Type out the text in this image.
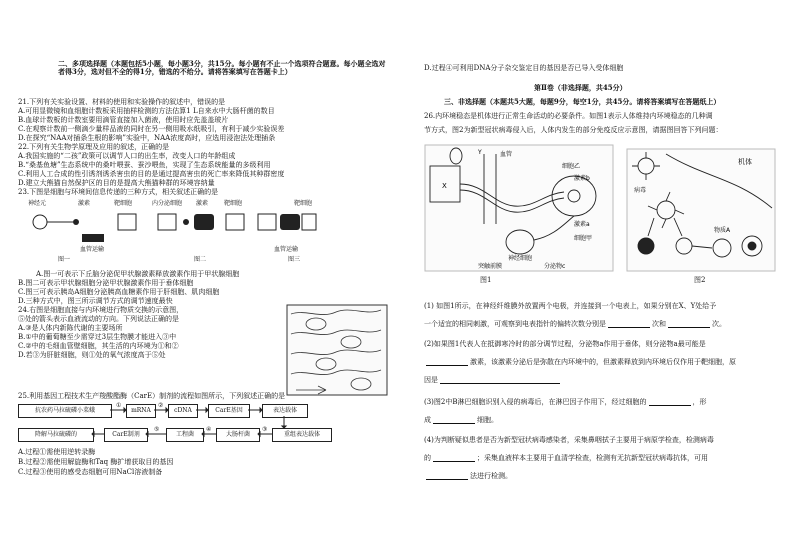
二、多项选择题（本题包括5小题，每小题3分，共15分。每小题有不止一个选项符合题意。每小题全选对者得3分，选对但不全的得1分，错选的不给分。请将答案填写在答题卡上）
21.下列有关实验设置、材料的使用和实验操作的叙述中，错误的是
A.可用显微镜和血细胞计数板采用抽样检测的方法估算1 L自来水中大肠杆菌的数目
B.血球计数板的计数室要用滴管直接加入菌液，使用时应先盖盖玻片
C.在观察计数前一侧滴少量样品液的同时在另一侧用吸水纸吸引，有利于减少实验误差
D.在探究“NAA对插条生根的影响”实验中，NAA浓度高时，应选用浸泡法处理插条
22.下列有关生物学原理及应用的叙述，正确的是
A.我国实施的“二孩”政策可以调节人口的出生率，改变人口的年龄组成
B.“桑基鱼塘”生态系统中的桑叶喂蚕、蚕沙喂鱼，实现了生态系统能量的多级利用
C.利用人工合成的性引诱剂诱杀害虫的目的是通过提高害虫的死亡率来降低其种群密度
D.建立大熊猫自然保护区的目的是提高大熊猫种群的环境容纳量
23.下图是细胞与环境间信息传递的三种方式，相关叙述正确的是
神经元	激素	靶细胞
血管运输
图一
内分泌细胞 激素	靶细胞
图二
血管运输
靶细胞
图三
A.图一可表示下丘脑分泌促甲状腺激素释放激素作用于甲状腺细胞
B.图二可表示甲状腺细胞分泌甲状腺激素作用于垂体细胞
C.图三可表示胰岛A细胞分泌胰高血糖素作用于肝细胞、肌肉细胞
D.三种方式中，图三所示调节方式的调节速度最快
24.右图是细胞直接与内环境进行物质交换的示意图，
⑤处的箭头表示血液流动的方向。下列说法正确的是
A.③是人体内新陈代谢的主要场所
B.①中的葡萄糖至少需穿过3层生物膜才能进入③中
C.②中的毛细血管壁细胞，其生活的内环境为①和②
D.若③为肝脏细胞，则①处的氧气浓度高于⑤处
25.利用基因工程技术生产羧酸酯酶（CarE）制剂的流程如图所示，下列叙述正确的是
抗农药马拉硫磷小菜蛾
①
mRNA
②
cDNA	CarE基因	表达载体
降解马拉硫磷的	CarE制剂	工程菌
④
大肠杆菌
③
重组表达载体
⑤
A.过程①需使用逆转录酶
B.过程②需使用解旋酶和Taq 酶扩增获取目的基因
C.过程③使用的感受态细胞可用NaCl溶液制备
D.过程④可利用DNA分子杂交鉴定目的基因是否已导入受体细胞
第Ⅱ卷（非选择题，共45分）
三、非选择题（本题共5大题，每题9分，每空1分，共45分。请将答案填写在答题纸上）
26.内环境稳态是机体进行正常生命活动的必要条件。如图1表示人体维持内环境稳态的几种调
节方式，图2为新型冠状病毒侵入后，人体内发生的部分免疫反应示意图，请据图回答下列问题：
X
Y	血管
细胞乙
激素b
激素a
细胞甲
神经细胞
突触前膜	分泌物c
图1
病毒
机体
物质A
图2
(1) 如图1所示，在神经纤维膜外放置两个电极，并连接到一个电表上，如果分别在X、Y处给予
一个适宜的相同刺激，可观察到电表指针的偏转次数分别是	次和	次。
(2)如果图1代表人在抵御寒冷时的部分调节过程，分泌物a作用于垂体，则分泌物a最可能是
激素，该激素分泌后是弥散在内环境中的，但激素释放到内环境后仅作用于靶细胞，原
因是
(3)图2中B淋巴细胞识别入侵的病毒后，在淋巴因子作用下，经过细胞的	，形
成	细胞。
(4)为判断疑似患者是否为新型冠状病毒感染者，采集鼻咽拭子主要用于病原学检查，检测病毒
的	；采集血液样本主要用于血清学检查，检测有无抗新型冠状病毒抗体，可用
法进行检测。
